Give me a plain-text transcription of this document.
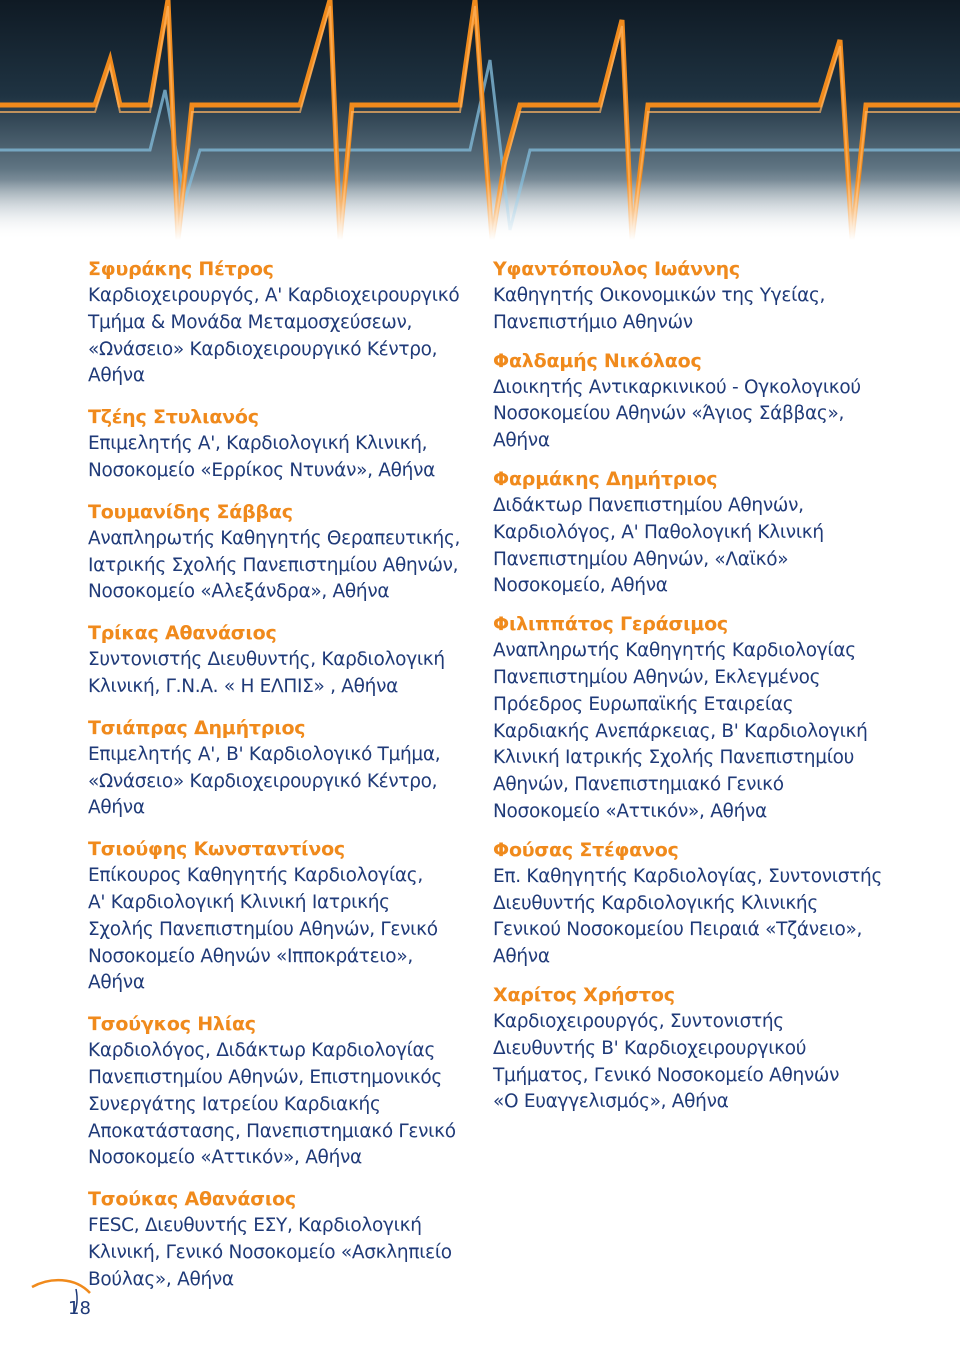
Σφυράκης Πέτρος
Καρδιοχειρουργός, Α' Καρδιοχειρουργικό
Τμήμα & Μονάδα Μεταμοσχεύσεων,
«Ωνάσειο» Καρδιοχειρουργικό Κέντρο,
Αθήνα
Τζέης Στυλιανός
Επιμελητής Α', Καρδιολογική Κλινική,
Νοσοκομείο «Ερρίκος Ντυνάν», Αθήνα
Τουμανίδης Σάββας
Αναπληρωτής Καθηγητής Θεραπευτικής,
Ιατρικής Σχολής Πανεπιστημίου Αθηνών,
Νοσοκομείο «Αλεξάνδρα», Αθήνα
Τρίκας Αθανάσιος
Συντονιστής Διευθυντής, Καρδιολογική
Κλινική, Γ.Ν.Α. « Η ΕΛΠΙΣ» , Αθήνα
Τσιάπρας Δημήτριος
Επιμελητής Α', Β' Καρδιολογικό Τμήμα,
«Ωνάσειο» Καρδιοχειρουργικό Κέντρο,
Αθήνα
Τσιούφης Κωνσταντίνος
Επίκουρος Καθηγητής Καρδιολογίας,
Α' Καρδιολογική Κλινική Ιατρικής
Σχολής Πανεπιστημίου Αθηνών, Γενικό
Νοσοκομείο Αθηνών «Ιπποκράτειο»,
Αθήνα
Τσούγκος Ηλίας
Καρδιολόγος, Διδάκτωρ Καρδιολογίας
Πανεπιστημίου Αθηνών, Επιστημονικός
Συνεργάτης Ιατρείου Καρδιακής
Αποκατάστασης, Πανεπιστημιακό Γενικό
Νοσοκομείο «Αττικόν», Αθήνα
Τσούκας Αθανάσιος
FESC, Διευθυντής ΕΣΥ, Καρδιολογική
Κλινική, Γενικό Νοσοκομείο «Ασκληπιείο
Βούλας», Αθήνα
Υφαντόπουλος Ιωάννης
Καθηγητής Οικονομικών της Υγείας,
Πανεπιστήμιο Αθηνών
Φαλδαμής Νικόλαος
Διοικητής Αντικαρκινικού - Ογκολογικού
Νοσοκομείου Αθηνών «Άγιος Σάββας»,
Αθήνα
Φαρμάκης Δημήτριος
Διδάκτωρ Πανεπιστημίου Αθηνών,
Καρδιολόγος, Α' Παθολογική Κλινική
Πανεπιστημίου Αθηνών, «Λαϊκό»
Νοσοκομείο, Αθήνα
Φιλιππάτος Γεράσιμος
Αναπληρωτής Καθηγητής Καρδιολογίας
Πανεπιστημίου Αθηνών, Εκλεγμένος
Πρόεδρος Ευρωπαϊκής Εταιρείας
Καρδιακής Ανεπάρκειας, Β' Καρδιολογική
Κλινική Ιατρικής Σχολής Πανεπιστημίου
Αθηνών, Πανεπιστημιακό Γενικό
Νοσοκομείο «Αττικόν», Αθήνα
Φούσας Στέφανος
Επ. Καθηγητής Καρδιολογίας, Συντονιστής
Διευθυντής Καρδιολογικής Κλινικής
Γενικού Νοσοκομείου Πειραιά «Τζάνειο»,
Αθήνα
Χαρίτος Χρήστος
Καρδιοχειρουργός, Συντονιστής
Διευθυντής Β' Καρδιοχειρουργικού
Τμήματος, Γενικό Νοσοκομείο Αθηνών
«Ο Ευαγγελισμός», Αθήνα
18
